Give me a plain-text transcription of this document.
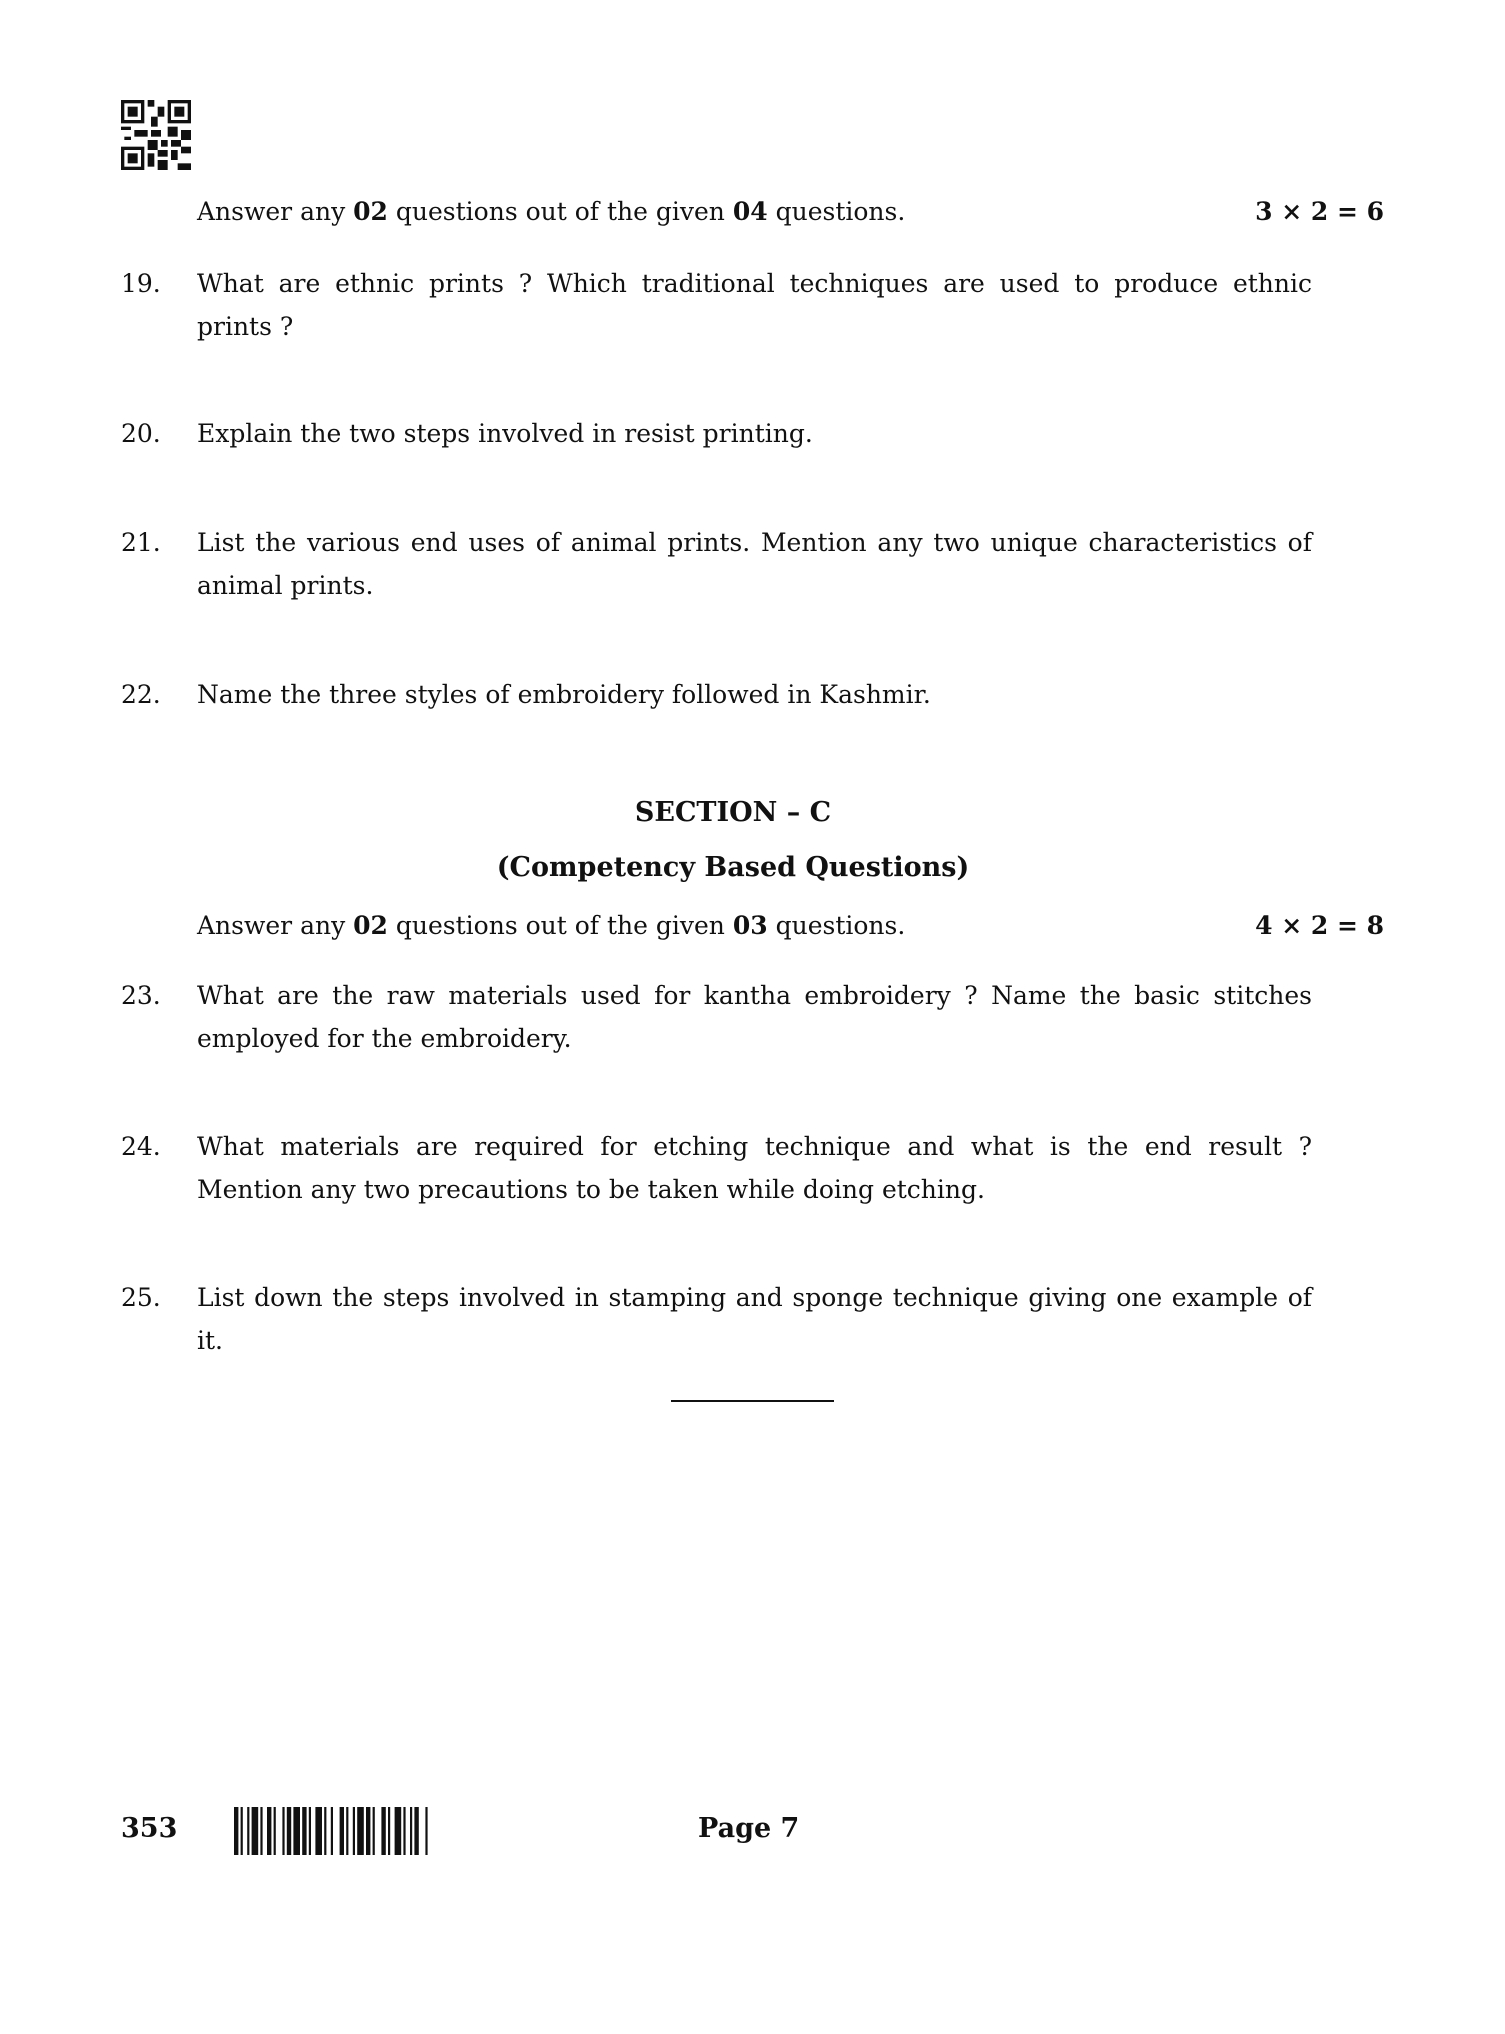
Answer any 02 questions out of the given 04 questions.	3 × 2 = 6
19.	What are ethnic prints ? Which traditional techniques are used to produce ethnic prints ?
20.	Explain the two steps involved in resist printing.
21.	List the various end uses of animal prints. Mention any two unique characteristics of animal prints.
22.	Name the three styles of embroidery followed in Kashmir.
SECTION – C
(Competency Based Questions)
Answer any 02 questions out of the given 03 questions.	4 × 2 = 8
23.	What are the raw materials used for kantha embroidery ? Name the basic stitches employed for the embroidery.
24.	What materials are required for etching technique and what is the end result ? Mention any two precautions to be taken while doing etching.
25.	List down the steps involved in stamping and sponge technique giving one example of it.
353	Page 7
